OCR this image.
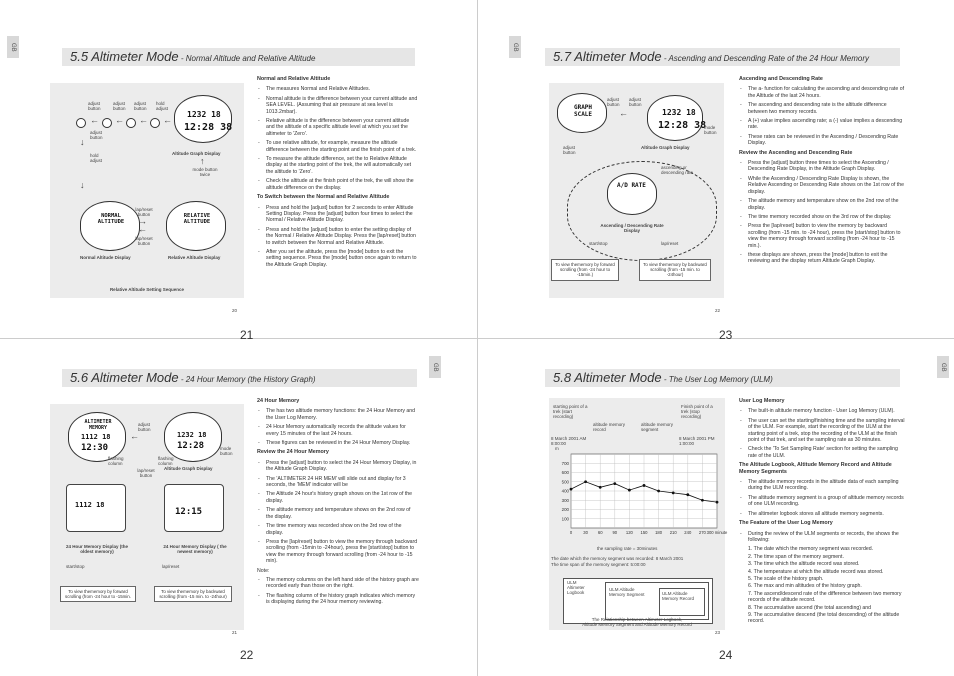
GB
5.5 Altimeter Mode - Normal Altitude and Relative Altitude
adjust button
adjust button
adjust button
hold adjust
← ← ← ←
adjust button
hold adjust
1232 18
12:28 38
Altitude Graph Display
mode button twice
↑
↓
↓
NORMAL ALTITUDE
RELATIVE ALTITUDE
lap/reset button
→
←
lap/reset button
Normal Altitude Display	Relative Altitude Display
Relative Altitude Setting Sequence
Normal and Relative Altitude
- The measures Normal and Relative Altitudes.
- Normal altitude is the difference between your current altitude and SEA LEVEL. (Assuming that air pressure at sea level is 1013.2mbar).
- Relative altitude is the difference between your current altitude and the altitude of a specific altitude level at which you set the altimeter to 'Zero'.
- To use relative altitude, for example, measure the altitude difference between the starting point and the finish point of a trek.
- To measure the altitude difference, set the to Relative Altitude display at the starting point of the trek, the will automatically set the altitude to 'Zero'.
- Check the altitude at the finish point of the trek, the will show the altitude difference on the display.
To Switch between the Normal and Relative Altitude
- Press and hold the [adjust] button for 2 seconds to enter Altitude Setting Display. Press the [adjust] button four times to select the Normal / Relative Altitude Display.
- Press and hold the [adjust] button to enter the setting display of the Normal / Relative Altitude Display. Press the [lap/reset] button to switch between the Normal and Relative Altitude.
- After you set the altitude, press the [mode] button to exit the setting sequence. Press the [mode] button once again to return to the Altitude Graph Display.
20
21
GB
5.7 Altimeter Mode - Ascending and Descending Rate of the 24 Hour Memory
GRAPH SCALE
adjust button
adjust button
←	1232 18
12:28 38
mode button
Altitude Graph Display
adjust button
A/D RATE
ascending or descending rate
Ascending / Descending Rate Display
start/stop	lap/reset
To view thememory by forward scrolling (from -24 hour to -15min.)
To view thememory by backward scrolling (from -15 min. to -24hour)
Ascending and Descending Rate
- The a- function for calculating the ascending and descending rate of the Altitude of the last 24 hours.
- The ascending and descending rate is the altitude difference between two memory records.
- A (+) value implies ascending rate; a (-) value implies a descending rate.
- These rates can be reviewed in the Ascending / Descending Rate Display.
Review the Ascending and Descending Rate
- Press the [adjust] button three times to select the Ascending / Descending Rate Display, in the Altitude Graph Display.
- While the Ascending / Descending Rate Display is shown, the Relative Ascending or Descending Rate shows on the 1st row of the display.
- The altitude memory and temperature show on the 2nd row of the display.
- The time memory recorded show on the 3rd row of the display.
- Press the [lap/reset] button to view the memory by backward scrolling (from -15 min. to -24 hour), press the [start/stop] button to view the memory through forward scrolling (from -24 hour to -15 min.).
- these displays are shown, press the [mode] button to exit the reviewing and the display return Altitude Graph Display.
22
23
GB
5.6 Altimeter Mode - 24 Hour Memory (the History Graph)
ALTIMETER MEMORY
1112 18
12:30
adjust button
←	1232 18
12:28	mode button
Altitude Graph Display
flashing column
flashing column
lap/reset button
1112 18
12:15
24 Hour Memory Display (the oldest memory)
24 Hour Memory Display ( the newest memory)
start/stop	lap/reset
To view thememory by forward scrolling (from -24 hour to -15min.
To view thememory by backward scrolling (from -15 min. to -24hour)
24 Hour Memory
- The has two altitude memory functions: the 24 Hour Memory and the User Log Memory.
- 24 Hour Memory automatically records the altitude values for every 15 minutes of the last 24 hours.
- These figures can be reviewed in the 24 Hour Memory Display.
Review the 24 Hour Memory
- Press the [adjust] button to select the 24 Hour Memory Display, in the Altitude Graph Display.
- The 'ALTIMETER 24 HR MEM' will slide out and display for 3 seconds, the 'MEM' indicator will be
- The Altitude 24 hour's history graph shows on the 1st row of the display.
- The altitude memory and temperature shows on the 2nd row of the display.
- The time memory was recorded show on the 3rd row of the display.
- Press the [lap/reset] button to view the memory through backward scrolling (from -15min to -24hour), press the [start/stop] button to view the memory through forward scrolling (from -24 hour to -15 min).
Note:
- The memory columns on the left hand side of the history graph are recorded early than those on the right.
- The flashing column of the history graph indicates which memory is displaying during the 24 hour memory reviewing.
21
22
GB
5.8 Altimeter Mode - The User Log Memory (ULM)
starting point of a trek (start recording)
Finish point of a trek (stop recording)
altitude memory record
altitude memory segment
8 March 2001 AM 8:00:00
8 March 2001 PM 1:00:00
m
100
200
300
400
500
600
700
0	30 60 90 120 150 180 210 240 270 300 minute
the sampling rate = 30minutes
The date which the memory segment was recorded: 8 March 2001
The time span of the memory segment: 5:00:00
ULM Altimeter Logbook
ULM Altitude Memory Segment	ULM Altitude Memory Record
The Relationship between Altimeter Logbook,
Altitude Memory Segment and Altitude Memory Record
User Log Memory
- The built-in altitude memory function - User Log Memory (ULM).
- The user can set the starting/finishing time and the sampling interval of the ULM. For example, start the recording of the ULM at the starting point of a trek, stop the recording of the ULM at the finish point of that trek, and set the sampling rate as 30 minutes.
- Check the 'To Set Sampling Rate' section for setting the sampling rate of the ULM.
The Altitude Logbook, Altitude Memory Record and Altitude Memory Segments
- The altitude memory records in the altitude data of each sampling during the ULM recording.
- The altitude memory segment is a group of altitude memory records of one ULM recording.
- The altimeter logbook stores all altitude memory segments.
The Feature of the User Log Memory
- During the review of the ULM segments or records, the shows the following:
1. The date which the memory segment was recorded.
2. The time span of the memory segment.
3. The time which the altitude record was stored.
4. The temperature at which the altitude record was stored.
5. The scale of the history graph.
6. The max and min altitudes of the history graph.
7. The ascend/descend rate of the difference between two memory records of the altitude record.
8. The accumulative ascend (the total ascending) and
9. The accumulative descend (the total descending) of the altitude record.
23
24
